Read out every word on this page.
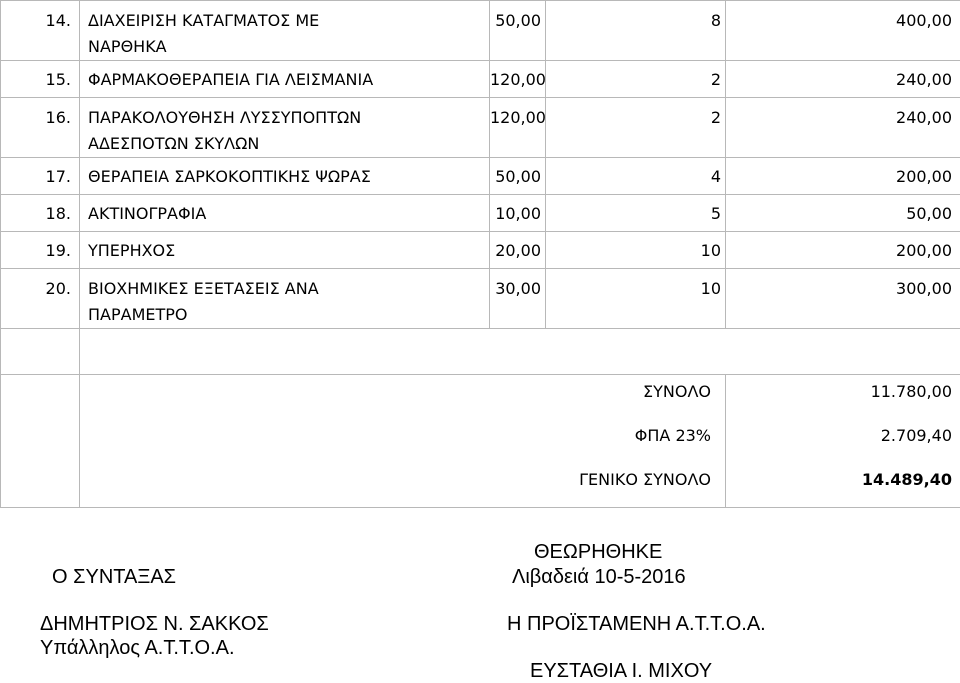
14.	ΔΙΑΧΕΙΡΙΣΗ ΚΑΤΑΓΜΑΤΟΣ ΜΕ ΝΑΡΘΗΚΑ	50,00	8	400,00
15.	ΦΑΡΜΑΚΟΘΕΡΑΠΕΙΑ ΓΙΑ ΛΕΙΣΜΑΝΙΑ	120,00	2	240,00
16.	ΠΑΡΑΚΟΛΟΥΘΗΣΗ ΛΥΣΣΥΠΟΠΤΩΝ ΑΔΕΣΠΟΤΩΝ ΣΚΥΛΩΝ	120,00	2	240,00
17.	ΘΕΡΑΠΕΙΑ ΣΑΡΚΟΚΟΠΤΙΚΗΣ ΨΩΡΑΣ	50,00	4	200,00
18.	ΑΚΤΙΝΟΓΡΑΦΙΑ	10,00	5	50,00
19.	ΥΠΕΡΗΧΟΣ	20,00	10	200,00
20.	ΒΙΟΧΗΜΙΚΕΣ ΕΞΕΤΑΣΕΙΣ ΑΝΑ ΠΑΡΑΜΕΤΡΟ	30,00	10	300,00

	ΣΥΝΟΛΟ			11.780,00
	ΦΠΑ 23%			2.709,40
	ΓΕΝΙΚΟ ΣΥΝΟΛΟ			14.489,40
ΘΕΩΡΗΘΗΚΕ
Ο ΣΥΝΤΑΞΑΣ	Λιβαδειά 10-5-2016
ΔΗΜΗΤΡΙΟΣ Ν. ΣΑΚΚΟΣ	Η ΠΡΟΪΣΤΑΜΕΝΗ Α.Τ.Τ.Ο.Α.
Υπάλληλος Α.Τ.Τ.Ο.Α.
ΕΥΣΤΑΘΙΑ Ι. ΜΙΧΟΥ
